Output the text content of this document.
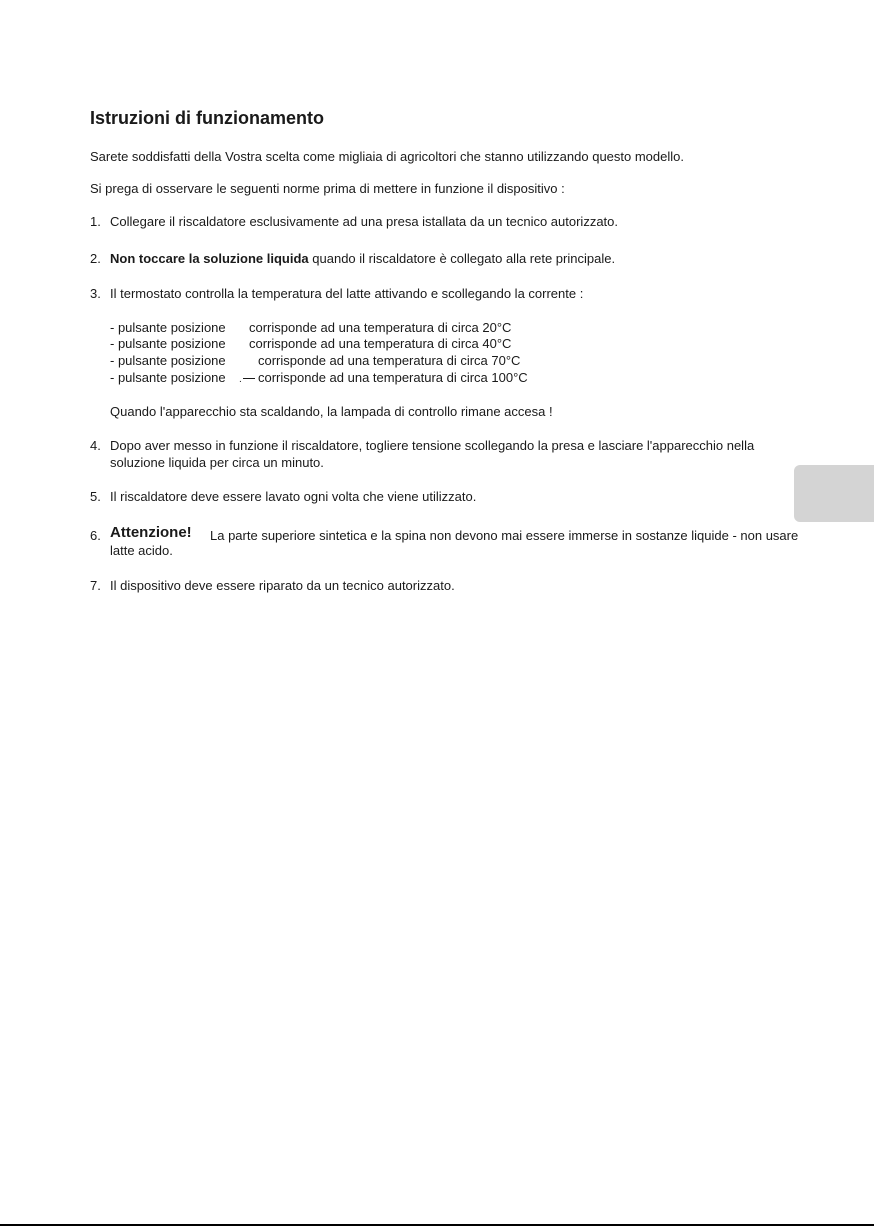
Istruzioni di funzionamento
Sarete soddisfatti della Vostra scelta come migliaia di agricoltori che stanno utilizzando questo modello.
Si prega di osservare le seguenti norme prima di mettere in funzione il dispositivo :
1. Collegare il riscaldatore esclusivamente ad una presa istallata da un tecnico autorizzato.
2. Non toccare la soluzione liquida quando il riscaldatore è collegato alla rete principale.
3. Il termostato controlla la temperatura del latte attivando e scollegando la corrente :
- pulsante posizione corrisponde ad una temperatura di circa 20°C
- pulsante posizione corrisponde ad una temperatura di circa 40°C
- pulsante posizione corrisponde ad una temperatura di circa 70°C
- pulsante posizione .	corrisponde ad una temperatura di circa 100°C
Quando l'apparecchio sta scaldando, la lampada di controllo rimane accesa !
4. Dopo aver messo in funzione il riscaldatore, togliere tensione scollegando la presa e lasciare l'apparecchio nella
soluzione liquida per circa un minuto.
5. Il riscaldatore deve essere lavato ogni volta che viene utilizzato.
6. Attenzione! La parte superiore sintetica e la spina non devono mai essere immerse in sostanze liquide - non usare
latte acido.
7. Il dispositivo deve essere riparato da un tecnico autorizzato.
